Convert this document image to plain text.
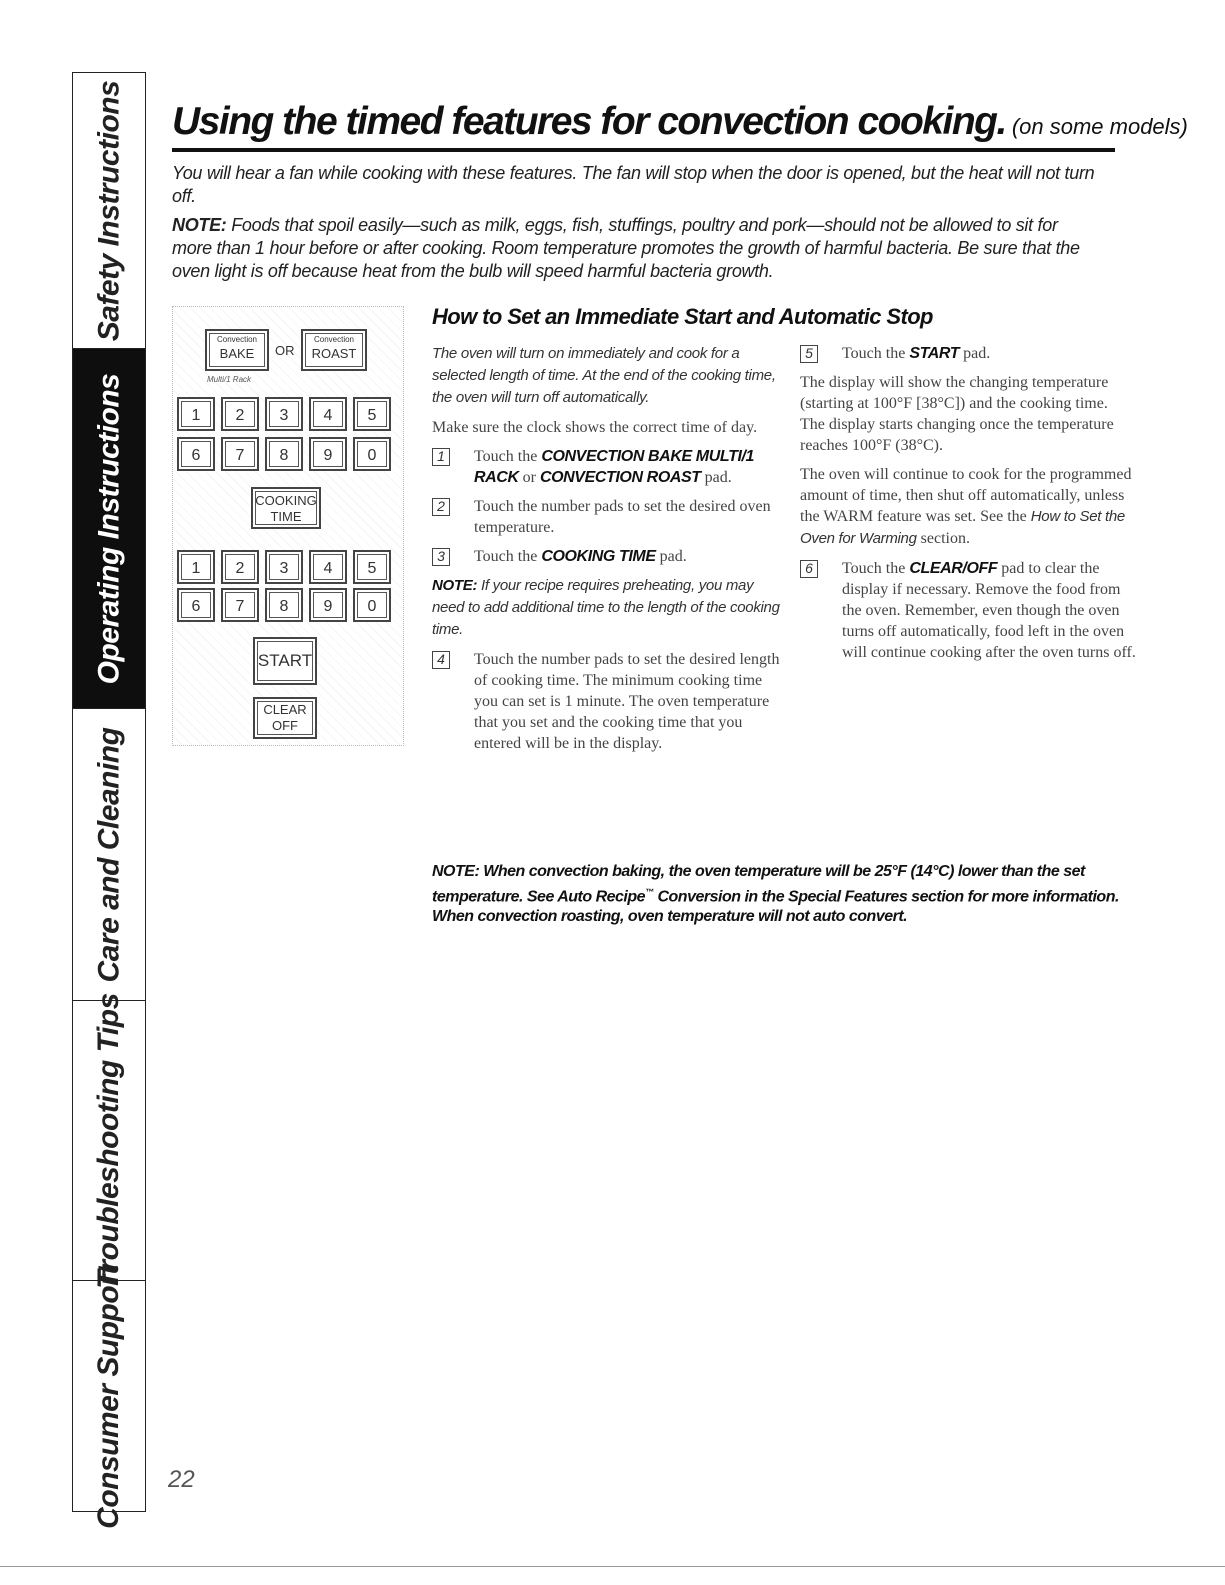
Safety Instructions
Operating Instructions
Care and Cleaning
Troubleshooting Tips
Consumer Support
Using the timed features for convection cooking. (on some models)

You will hear a fan while cooking with these features. The fan will stop when the door is opened, but the heat will not turn off.

NOTE: Foods that spoil easily—such as milk, eggs, fish, stuffings, poultry and pork—should not be allowed to sit for more than 1 hour before or after cooking. Room temperature promotes the growth of harmful bacteria. Be sure that the oven light is off because heat from the bulb will speed harmful bacteria growth.

Convection
BAKE	OR
Convection
ROAST
Multi/1 Rack
1	2	3	4	5
6	7	8	9	0
COOKING
TIME
1	2	3	4	5
6	7	8	9	0
START
CLEAR
OFF
How to Set an Immediate Start and Automatic Stop

The oven will turn on immediately and cook for a selected length of time. At the end of the cooking time, the oven will turn off automatically.

Make sure the clock shows the correct time of day.

1	Touch the CONVECTION BAKE MULTI/1 RACK or CONVECTION ROAST pad.
2	Touch the number pads to set the desired oven temperature.
3	Touch the COOKING TIME pad.

NOTE: If your recipe requires preheating, you may need to add additional time to the length of the cooking time.

4	Touch the number pads to set the desired length of cooking time. The minimum cooking time you can set is 1 minute. The oven temperature that you set and the cooking time that you entered will be in the display.
5	Touch the START pad.

The display will show the changing temperature (starting at 100°F [38°C]) and the cooking time. The display starts changing once the temperature reaches 100°F (38°C).

The oven will continue to cook for the programmed amount of time, then shut off automatically, unless the WARM feature was set. See the How to Set the Oven for Warming section.

6	Touch the CLEAR/OFF pad to clear the display if necessary. Remove the food from the oven. Remember, even though the oven turns off automatically, food left in the oven will continue cooking after the oven turns off.
NOTE: When convection baking, the oven temperature will be 25°F (14°C) lower than the set temperature. See Auto Recipe™ Conversion in the Special Features section for more information. When convection roasting, oven temperature will not auto convert.
22
